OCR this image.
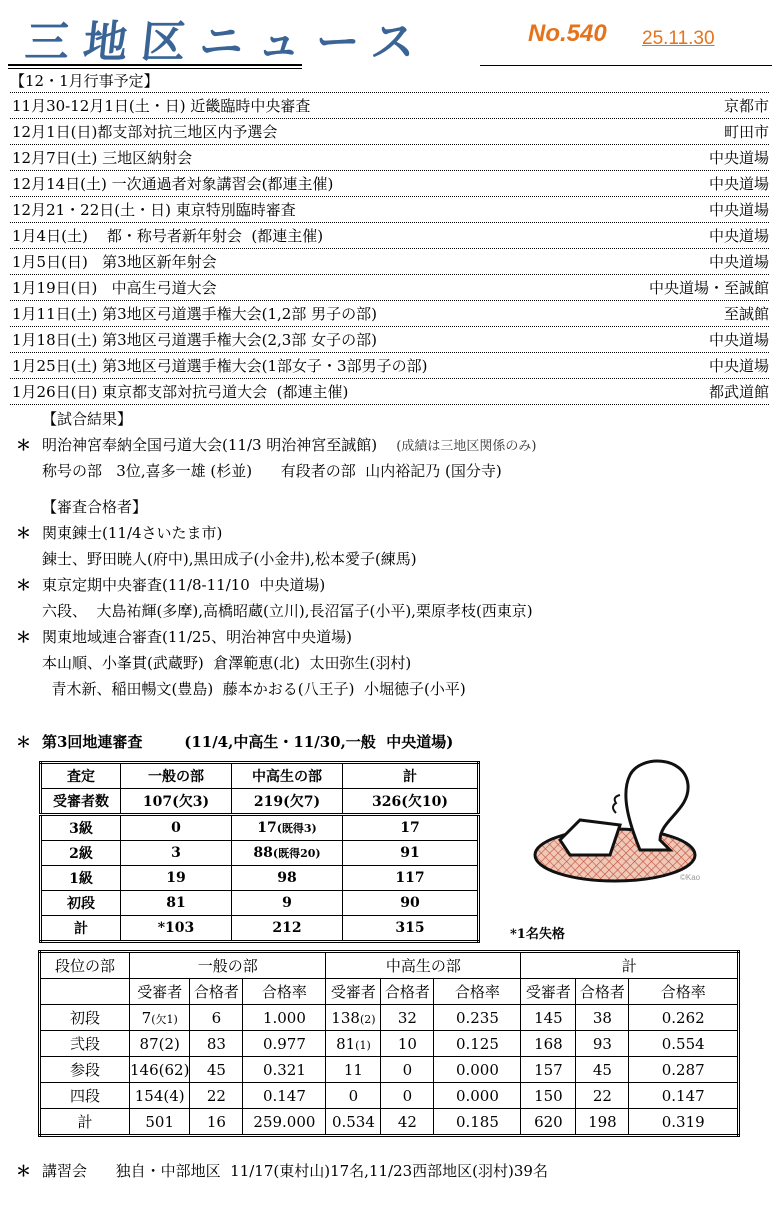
三地区ニュース	No.540 25.11.30
【12・1月行事予定】
11月30-12月1日(土・日) 近畿臨時中央審査	京都市
12月1日(日)都支部対抗三地区内予選会	町田市
12月7日(土) 三地区納射会	中央道場
12月14日(土) 一次通過者対象講習会(都連主催)	中央道場
12月21・22日(土・日) 東京特別臨時審査	中央道場
1月4日(土)    都・称号者新年射会  (都連主催)	中央道場
1月5日(日)   第3地区新年射会	中央道場
1月19日(日)   中高生弓道大会	中央道場・至誠館
1月11日(土) 第3地区弓道選手権大会(1,2部 男子の部)	至誠館
1月18日(土) 第3地区弓道選手権大会(2,3部 女子の部)	中央道場
1月25日(土) 第3地区弓道選手権大会(1部女子・3部男子の部)	中央道場
1月26日(日) 東京都支部対抗弓道大会  (都連主催)	都武道館
【試合結果】
＊ 明治神宮奉納全国弓道大会(11/3 明治神宮至誠館) (成績は三地区関係のみ)
称号の部   3位,喜多一雄 (杉並)      有段者の部  山内裕記乃 (国分寺)
【審査合格者】
＊ 関東錬士(11/4さいたま市)
錬士、野田暁人(府中),黒田成子(小金井),松本愛子(練馬)
＊ 東京定期中央審査(11/8-11/10  中央道場)
六段、  大島祐輝(多摩),高橋昭蔵(立川),長沼冨子(小平),栗原孝枝(西東京)
＊ 関東地域連合審査(11/25、明治神宮中央道場)
本山順、小峯貫(武蔵野)  倉澤範恵(北)  太田弥生(羽村)
青木新、稲田暢文(豊島)  藤本かおる(八王子)  小堀徳子(小平)
＊ 第3回地連審査	(11/4,中高生・11/30,一般  中央道場)
査定	一般の部	中高生の部	計
受審者数	107(欠3)	219(欠7)	326(欠10)
3級	0	17(既得3)	17
2級	3	88(既得20)	91
1級	19	98	117
初段	81	9	90
計	*103	212	315
©Kao
*1名失格
段位の部	一般の部			中高生の部			計		
	受審者	合格者	合格率	受審者	合格者	合格率	受審者	合格者	合格率
初段	7(欠1)	6	1.000	138(2)	32	0.235	145	38	0.262
弐段	87(2)	83	0.977	81(1)	10	0.125	168	93	0.554
参段	146(62)	45	0.321	11	0	0.000	157	45	0.287
四段	154(4)	22	0.147	0	0	0.000	150	22	0.147
計	501	16	259.000	0.534	42	0.185	620	198	0.319
＊ 講習会 独自・中部地区  11/17(東村山)17名,11/23西部地区(羽村)39名
